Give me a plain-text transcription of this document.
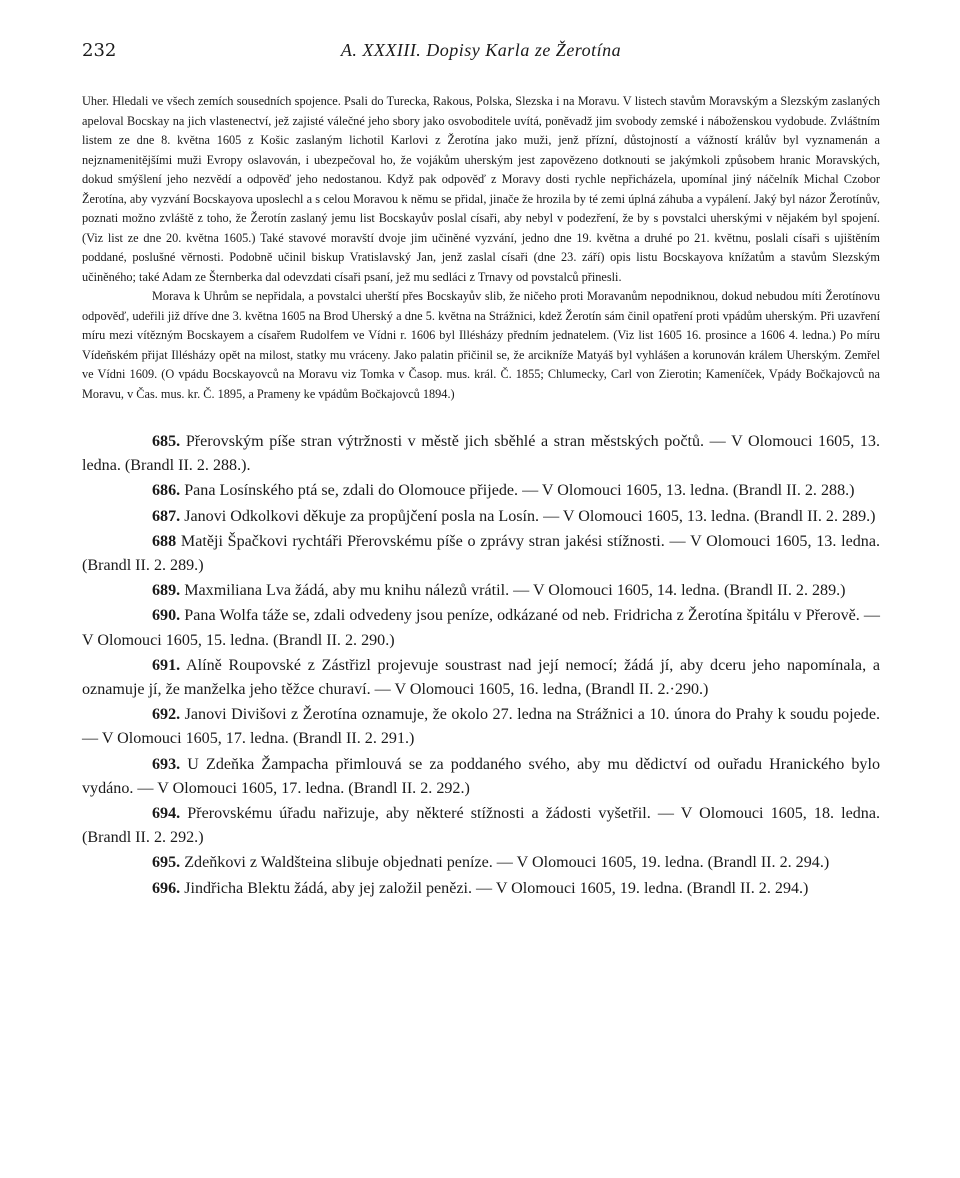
232	A. XXXIII. Dopisy Karla ze Žerotína

Uher. Hledali ve všech zemích sousedních spojence. Psali do Turecka, Rakous, Polska, Slezska i na Moravu. V listech stavům Moravským a Slezským zaslaných apeloval Bocskay na jich vlastenectví, jež zajisté válečné jeho sbory jako osvoboditele uvítá, poněvadž jim svobody zemské i náboženskou vydobude. Zvláštním listem ze dne 8. května 1605 z Košic zaslaným lichotil Karlovi z Žerotína jako muži, jenž přízní, důstojností a vážností králův byl vyznamenán a nejznamenitějšími muži Evropy oslavován, i ubezpečoval ho, že vojákům uherským jest zapovězeno dotknouti se jakýmkoli způsobem hranic Moravských, dokud smýšlení jeho nezvědí a odpověď jeho nedostanou. Když pak odpověď z Moravy dosti rychle nepřicházela, upomínal jiný náčelník Michal Czobor Žerotína, aby vyzvání Bocskayova uposlechl a s celou Moravou k němu se přidal, jinače že hrozila by té zemi úplná záhuba a vypálení. Jaký byl názor Žerotínův, poznati možno zvláště z toho, že Žerotín zaslaný jemu list Bocskayův poslal císaři, aby nebyl v podezření, že by s povstalci uherskými v nějakém byl spojení. (Viz list ze dne 20. května 1605.) Také stavové moravští dvoje jim učiněné vyzvání, jedno dne 19. května a druhé po 21. květnu, poslali císaři s ujištěním poddané, poslušné věrnosti. Podobně učinil biskup Vratislavský Jan, jenž zaslal císaři (dne 23. září) opis listu Bocskayova knížatům a stavům Slezským učiněného; také Adam ze Šternberka dal odevzdati císaři psaní, jež mu sedláci z Trnavy od povstalců přinesli.

Morava k Uhrům se nepřidala, a povstalci uherští přes Bocskayův slib, že ničeho proti Moravanům nepodniknou, dokud nebudou míti Žerotínovu odpověď, udeřili již dříve dne 3. května 1605 na Brod Uherský a dne 5. května na Strážnici, kdež Žerotín sám činil opatření proti vpádům uherským. Při uzavření míru mezi vítězným Bocskayem a císařem Rudolfem ve Vídni r. 1606 byl Illésházy předním jednatelem. (Viz list 1605 16. prosince a 1606 4. ledna.) Po míru Vídeňském přijat Illésházy opět na milost, statky mu vráceny. Jako palatin přičinil se, že arcikníže Matyáš byl vyhlášen a korunován králem Uherským. Zemřel ve Vídni 1609. (O vpádu Bocskayovců na Moravu viz Tomka v Časop. mus. král. Č. 1855; Chlumecky, Carl von Zierotin; Kameníček, Vpády Bočkajovců na Moravu, v Čas. mus. kr. Č. 1895, a Prameny ke vpádům Bočkajovců 1894.)

685. Přerovským píše stran výtržnosti v městě jich sběhlé a stran městských počtů. — V Olomouci 1605, 13. ledna. (Brandl II. 2. 288.).

686. Pana Losínského ptá se, zdali do Olomouce přijede. — V Olomouci 1605, 13. ledna. (Brandl II. 2. 288.)

687. Janovi Odkolkovi děkuje za propůjčení posla na Losín. — V Olomouci 1605, 13. ledna. (Brandl II. 2. 289.)

688 Matěji Špačkovi rychtáři Přerovskému píše o zprávy stran jakési stížnosti. — V Olomouci 1605, 13. ledna. (Brandl II. 2. 289.)

689. Maxmiliana Lva žádá, aby mu knihu nálezů vrátil. — V Olomouci 1605, 14. ledna. (Brandl II. 2. 289.)

690. Pana Wolfa táže se, zdali odvedeny jsou peníze, odkázané od neb. Fridricha z Žerotína špitálu v Přerově. — V Olomouci 1605, 15. ledna. (Brandl II. 2. 290.)

691. Alíně Roupovské z Zástřizl projevuje soustrast nad její nemocí; žádá jí, aby dceru jeho napomínala, a oznamuje jí, že manželka jeho těžce churaví. — V Olomouci 1605, 16. ledna, (Brandl II. 2.·290.)

692. Janovi Divišovi z Žerotína oznamuje, že okolo 27. ledna na Strážnici a 10. února do Prahy k soudu pojede. — V Olomouci 1605, 17. ledna. (Brandl II. 2. 291.)

693. U Zdeňka Žampacha přimlouvá se za poddaného svého, aby mu dědictví od ouřadu Hranického bylo vydáno. — V Olomouci 1605, 17. ledna. (Brandl II. 2. 292.)

694. Přerovskému úřadu nařizuje, aby některé stížnosti a žádosti vyšetřil. — V Olomouci 1605, 18. ledna. (Brandl II. 2. 292.)

695. Zdeňkovi z Waldšteina slibuje objednati peníze. — V Olomouci 1605, 19. ledna. (Brandl II. 2. 294.)

696. Jindřicha Blektu žádá, aby jej založil penězi. — V Olomouci 1605, 19. ledna. (Brandl II. 2. 294.)
